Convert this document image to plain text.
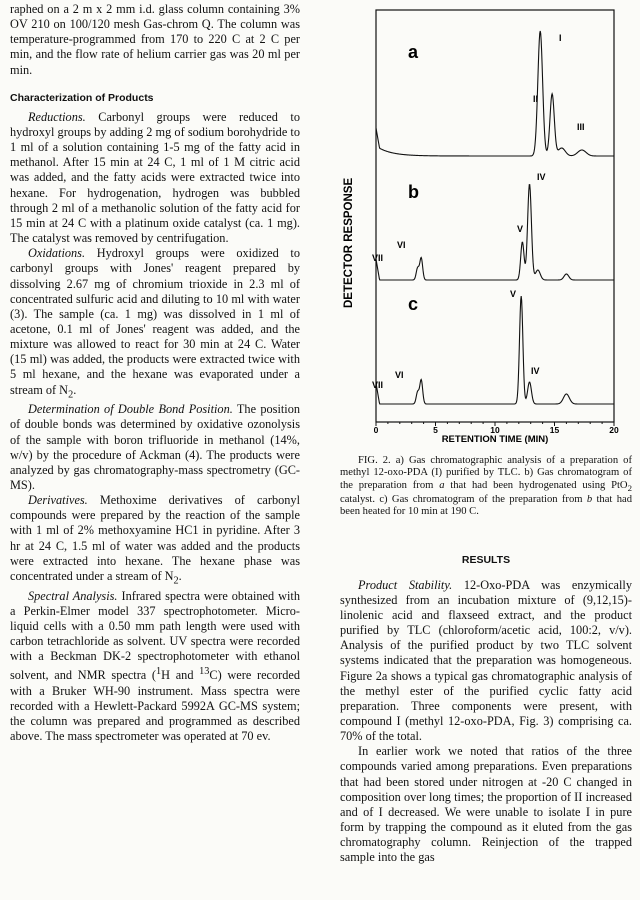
raphed on a 2 m x 2 mm i.d. glass column containing 3% OV 210 on 100/120 mesh Gas-chrom Q. The column was temperature-programmed from 170 to 220 C at 2 C per min, and the flow rate of helium carrier gas was 20 ml per min.

Characterization of Products

Reductions. Carbonyl groups were reduced to hydroxyl groups by adding 2 mg of sodium borohydride to 1 ml of a solution containing 1-5 mg of the fatty acid in methanol. After 15 min at 24 C, 1 ml of 1 M citric acid was added, and the fatty acids were extracted twice into hexane. For hydrogenation, hydrogen was bubbled through 2 ml of a methanolic solution of the fatty acid for 15 min at 24 C with a platinum oxide catalyst (ca. 1 mg). The catalyst was removed by centrifugation.

Oxidations. Hydroxyl groups were oxidized to carbonyl groups with Jones' reagent prepared by dissolving 2.67 mg of chromium trioxide in 2.3 ml of concentrated sulfuric acid and diluting to 10 ml with water (3). The sample (ca. 1 mg) was dissolved in 1 ml of acetone, 0.1 ml of Jones' reagent was added, and the mixture was allowed to react for 30 min at 24 C. Water (15 ml) was added, the products were extracted twice with 5 ml hexane, and the hexane was evaporated under a stream of $N_2$.

Determination of Double Bond Position. The position of double bonds was determined by oxidative ozonolysis of the sample with boron trifluoride in methanol (14%, w/v) by the procedure of Ackman (4). The products were analyzed by gas chromatography-mass spectrometry (GC-MS).

Derivatives. Methoxime derivatives of carbonyl compounds were prepared by the reaction of the sample with 1 ml of 2% methoxyamine HC1 in pyridine. After 3 hr at 24 C, 1.5 ml of water was added and the products were extracted into hexane. The hexane phase was concentrated under a stream of $N_2$.

Spectral Analysis. Infrared spectra were obtained with a Perkin-Elmer model 337 spectrophotometer. Micro-liquid cells with a 0.50 mm path length were used with carbon tetrachloride as solvent. UV spectra were recorded with a Beckman DK-2 spectrophotometer with ethanol solvent, and NMR spectra ($^1$H and $^{13}$C) were recorded with a Bruker WH-90 instrument. Mass spectra were recorded with a Hewlett-Packard 5992A GC-MS system; the column was prepared and programmed as described above. The mass spectrometer was operated at 70 ev.

DETECTOR RESPONSE
a
b
c
I
II
III
IV
V
VI
VII
V
IV
VI
VII
0	5	10	15	20
RETENTION TIME (MIN)

FIG. 2. a) Gas chromatographic analysis of a preparation of methyl 12-oxo-PDA (I) purified by TLC. b) Gas chromatogram of the preparation from a that had been hydrogenated using PtO$_2$ catalyst. c) Gas chromatogram of the preparation from b that had been heated for 10 min at 190 C.

RESULTS

Product Stability. 12-Oxo-PDA was enzymically synthesized from an incubation mixture of (9,12,15)-linolenic acid and flaxseed extract, and the product purified by TLC (chloroform/acetic acid, 100:2, v/v). Analysis of the purified product by two TLC solvent systems indicated that the preparation was homogeneous. Figure 2a shows a typical gas chromatographic analysis of the methyl ester of the purified cyclic fatty acid preparation. Three components were present, with compound I (methyl 12-oxo-PDA, Fig. 3) comprising ca. 70% of the total.

In earlier work we noted that ratios of the three compounds varied among preparations. Even preparations that had been stored under nitrogen at -20 C changed in composition over long times; the proportion of II increased and of I decreased. We were unable to isolate I in pure form by trapping the compound as it eluted from the gas chromatography column. Reinjection of the trapped sample into the gas
